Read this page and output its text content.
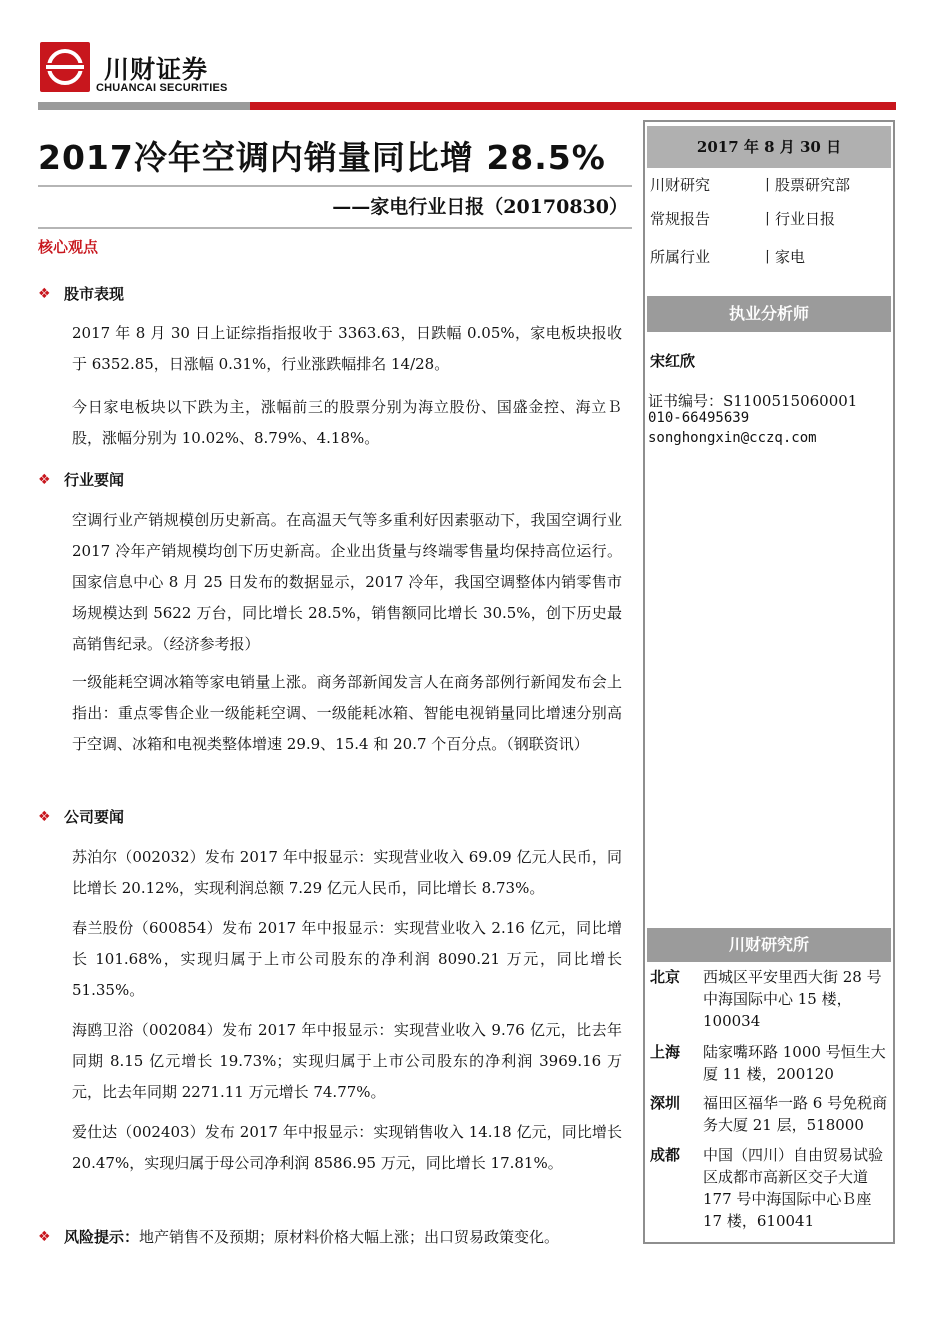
川财证券
CHUANCAI SECURITIES
2017冷年空调内销量同比增 28.5%
——家电行业日报（20170830）
核心观点
❖ 股市表现
2017 年 8 月 30 日上证综指指报收于 3363.63，日跌幅 0.05%，家电板块报收于 6352.85，日涨幅 0.31%，行业涨跌幅排名 14/28。
今日家电板块以下跌为主，涨幅前三的股票分别为海立股份、国盛金控、海立Ｂ股，涨幅分别为 10.02%、8.79%、4.18%。
❖ 行业要闻
空调行业产销规模创历史新高。在高温天气等多重利好因素驱动下，我国空调行业 2017 冷年产销规模均创下历史新高。企业出货量与终端零售量均保持高位运行。国家信息中心 8 月 25 日发布的数据显示，2017 冷年，我国空调整体内销零售市场规模达到 5622 万台，同比增长 28.5%，销售额同比增长 30.5%，创下历史最高销售纪录。（经济参考报）
一级能耗空调冰箱等家电销量上涨。商务部新闻发言人在商务部例行新闻发布会上指出：重点零售企业一级能耗空调、一级能耗冰箱、智能电视销量同比增速分别高于空调、冰箱和电视类整体增速 29.9、15.4 和 20.7 个百分点。（钢联资讯）
❖ 公司要闻
苏泊尔（002032）发布 2017 年中报显示：实现营业收入 69.09 亿元人民币，同比增长 20.12%，实现利润总额 7.29 亿元人民币，同比增长 8.73%。
春兰股份（600854）发布 2017 年中报显示：实现营业收入 2.16 亿元，同比增长 101.68%，实现归属于上市公司股东的净利润 8090.21 万元，同比增长 51.35%。
海鸥卫浴（002084）发布 2017 年中报显示：实现营业收入 9.76 亿元，比去年同期 8.15 亿元增长 19.73%；实现归属于上市公司股东的净利润 3969.16 万元，比去年同期 2271.11 万元增长 74.77%。
爱仕达（002403）发布 2017 年中报显示：实现销售收入 14.18 亿元，同比增长 20.47%，实现归属于母公司净利润 8586.95 万元，同比增长 17.81%。
❖ 风险提示： 地产销售不及预期；原材料价格大幅上涨；出口贸易政策变化。
2017 年 8 月 30 日
川财研究	丨股票研究部
常规报告	丨行业日报
所属行业	丨家电
执业分析师
宋红欣
证书编号：S1100515060001
010-66495639
songhongxin@cczq.com
川财研究所
北京 西城区平安里西大街 28 号中海国际中心 15 楼，100034
上海 陆家嘴环路 1000 号恒生大厦 11 楼，200120
深圳 福田区福华一路 6 号免税商务大厦 21 层，518000
成都 中国（四川）自由贸易试验区成都市高新区交子大道 177 号中海国际中心Ｂ座 17 楼，610041
